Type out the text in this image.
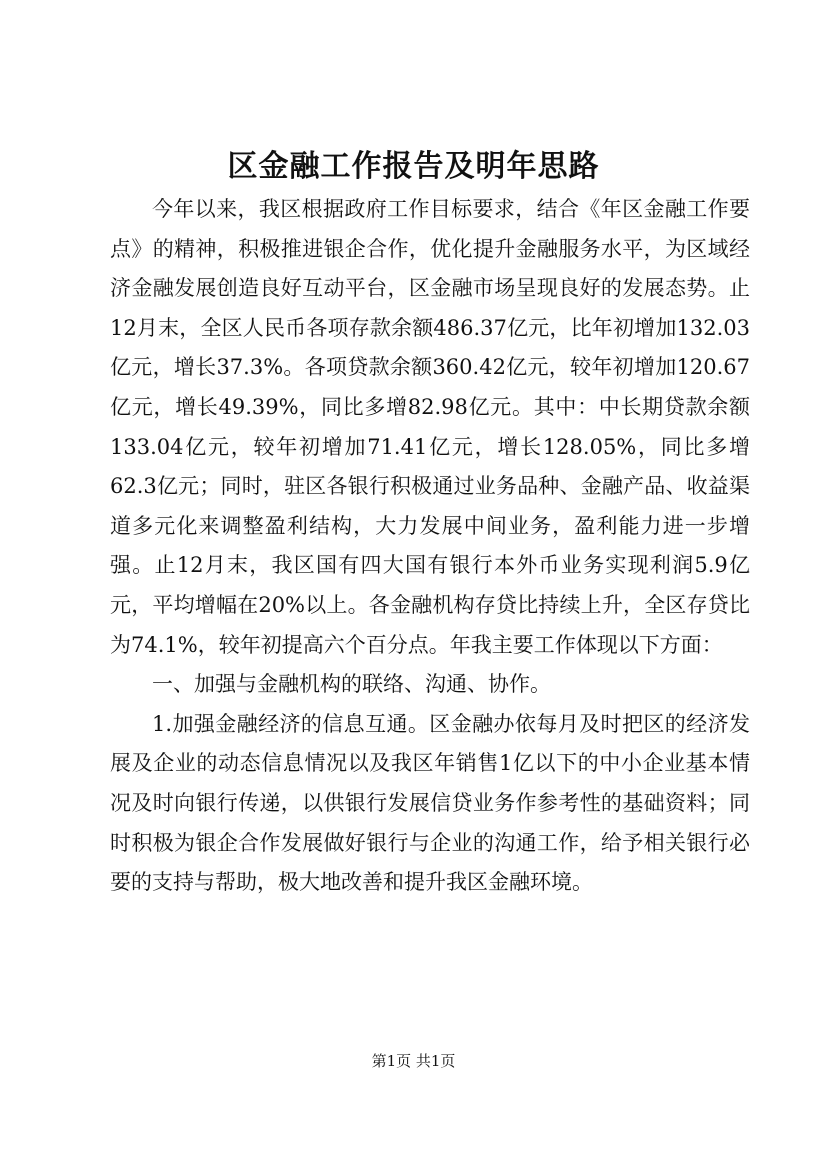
区金融工作报告及明年思路

今年以来，我区根据政府工作目标要求，结合《年区金融工作要点》的精神，积极推进银企合作，优化提升金融服务水平，为区域经济金融发展创造良好互动平台，区金融市场呈现良好的发展态势。止12月末，全区人民币各项存款余额486.37亿元，比年初增加132.03亿元，增长37.3%。各项贷款余额360.42亿元，较年初增加120.67亿元，增长49.39%，同比多增82.98亿元。其中：中长期贷款余额133.04亿元，较年初增加71.41亿元，增长128.05%，同比多增62.3亿元；同时，驻区各银行积极通过业务品种、金融产品、收益渠道多元化来调整盈利结构，大力发展中间业务，盈利能力进一步增强。止12月末，我区国有四大国有银行本外币业务实现利润5.9亿元，平均增幅在20%以上。各金融机构存贷比持续上升，全区存贷比为74.1%，较年初提高六个百分点。年我主要工作体现以下方面：

一、加强与金融机构的联络、沟通、协作。

1.加强金融经济的信息互通。区金融办依每月及时把区的经济发展及企业的动态信息情况以及我区年销售1亿以下的中小企业基本情况及时向银行传递，以供银行发展信贷业务作参考性的基础资料；同时积极为银企合作发展做好银行与企业的沟通工作，给予相关银行必要的支持与帮助，极大地改善和提升我区金融环境。

第1页 共1页
